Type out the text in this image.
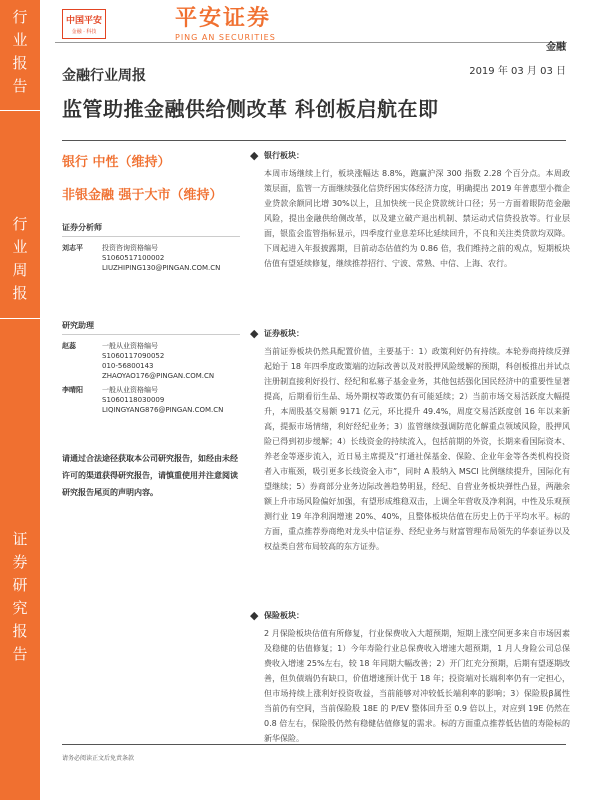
行
业
报
告
行
业
周
报
证
券
研
究
报
告
中国平安
金融 · 科技
平安证券
PING AN SECURITIES
金融
金融行业周报	2019 年 03 月 03 日
监管助推金融供给侧改革 科创板启航在即
银行 中性（维持）
非银金融 强于大市（维持）
证券分析师
刘志平	投资咨询资格编号
S1060517100002
LIUZHIPING130@PINGAN.COM.CN
研究助理
赵蕊	一般从业资格编号
S1060117090052
010-56800143
ZHAOYAO176@PINGAN.COM.CN
李晴阳	一般从业资格编号
S1060118030009
LIQINGYANG876@PINGAN.COM.CN
请通过合法途径获取本公司研究报告，如经由未经许可的渠道获得研究报告，请慎重使用并注意阅读研究报告尾页的声明内容。
◆ 银行板块：

本周市场继续上行，板块涨幅达 8.8%，跑赢沪深 300 指数 2.28 个百分点。本周政策层面，监管一方面继续强化信贷纾困实体经济力度，明确提出 2019 年普惠型小微企业贷款余额同比增 30%以上，且加快统一民企贷款统计口径；另一方面着眼防范金融风险，提出金融供给侧改革，以及建立破产退出机制、禁运动式信贷投放等。行业层面，银监会监管指标显示，四季度行业息差环比延续回升，不良和关注类贷款均双降。下周起进入年报披露期，目前动态估值约为 0.86 倍，我们维持之前的观点，短期板块估值有望延续修复，继续推荐招行、宁波、常熟、中信、上海、农行。

◆ 证券板块：

当前证券板块仍然具配置价值，主要基于：1）政策利好仍有持续。本轮券商持续反弹起始于 18 年四季度政策端的边际改善以及对股押风险缓解的预期，科创板推出并试点注册制直接利好投行、经纪和私募子基金业务，其他包括强化国民经济中的重要性显著提高，后期看衍生品、场外期权等政策仍有可能延续；2）当前市场交易活跃度大幅提升，本周股基交易额 9171 亿元，环比提升 49.4%，周度交易活跃度创 16 年以来新高，提振市场情绪，利好经纪业务；3）监管继续强调防范化解重点领域风险，股押风险已得到初步缓解；4）长线资金的持续流入，包括前期的外资，长期来看国际资本、养老金等逐步流入，近日易主席提及“打通社保基金、保险、企业年金等各类机构投资者入市瓶颈，吸引更多长线资金入市”，同时 A 股纳入 MSCI 比例继续提升，国际化有望继续；5）券商部分业务边际改善趋势明显，经纪、自营业务板块弹性凸显，两融余额上升市场风险偏好加强，有望形成维稳双击，上调全年营收及净利润，中性及乐观预测行业 19 年净利润增速 20%、40%，且整体板块估值在历史上仍于平均水平。标的方面，重点推荐券商绝对龙头中信证券、经纪业务与财富管理布局领先的华泰证券以及权益类自营布局较高的东方证券。

◆ 保险板块：

2 月保险板块估值有所修复，行业保费收入大超预期，短期上涨空间更多来自市场因素及稳健的估值修复；1）今年寿险行业总保费收入增速大超预期，1 月人身险公司总保费收入增速 25%左右，较 18 年同期大幅改善；2）开门红充分预期，后期有望逐期改善，但负债端仍有缺口，价值增速预计优于 18 年；投资端对长端利率仍有一定担心，但市场持续上涨利好投资收益，当前能够对冲较低长端利率的影响；3）保险股β属性当前仍有空间，当前保险股 18E 的 P/EV 整体回升至 0.9 倍以上，对应到 19E 仍然在 0.8 倍左右，保险股仍然有稳健估值修复的需求。标的方面重点推荐低估值的寿险标的新华保险。

请务必阅读正文后免责条款
